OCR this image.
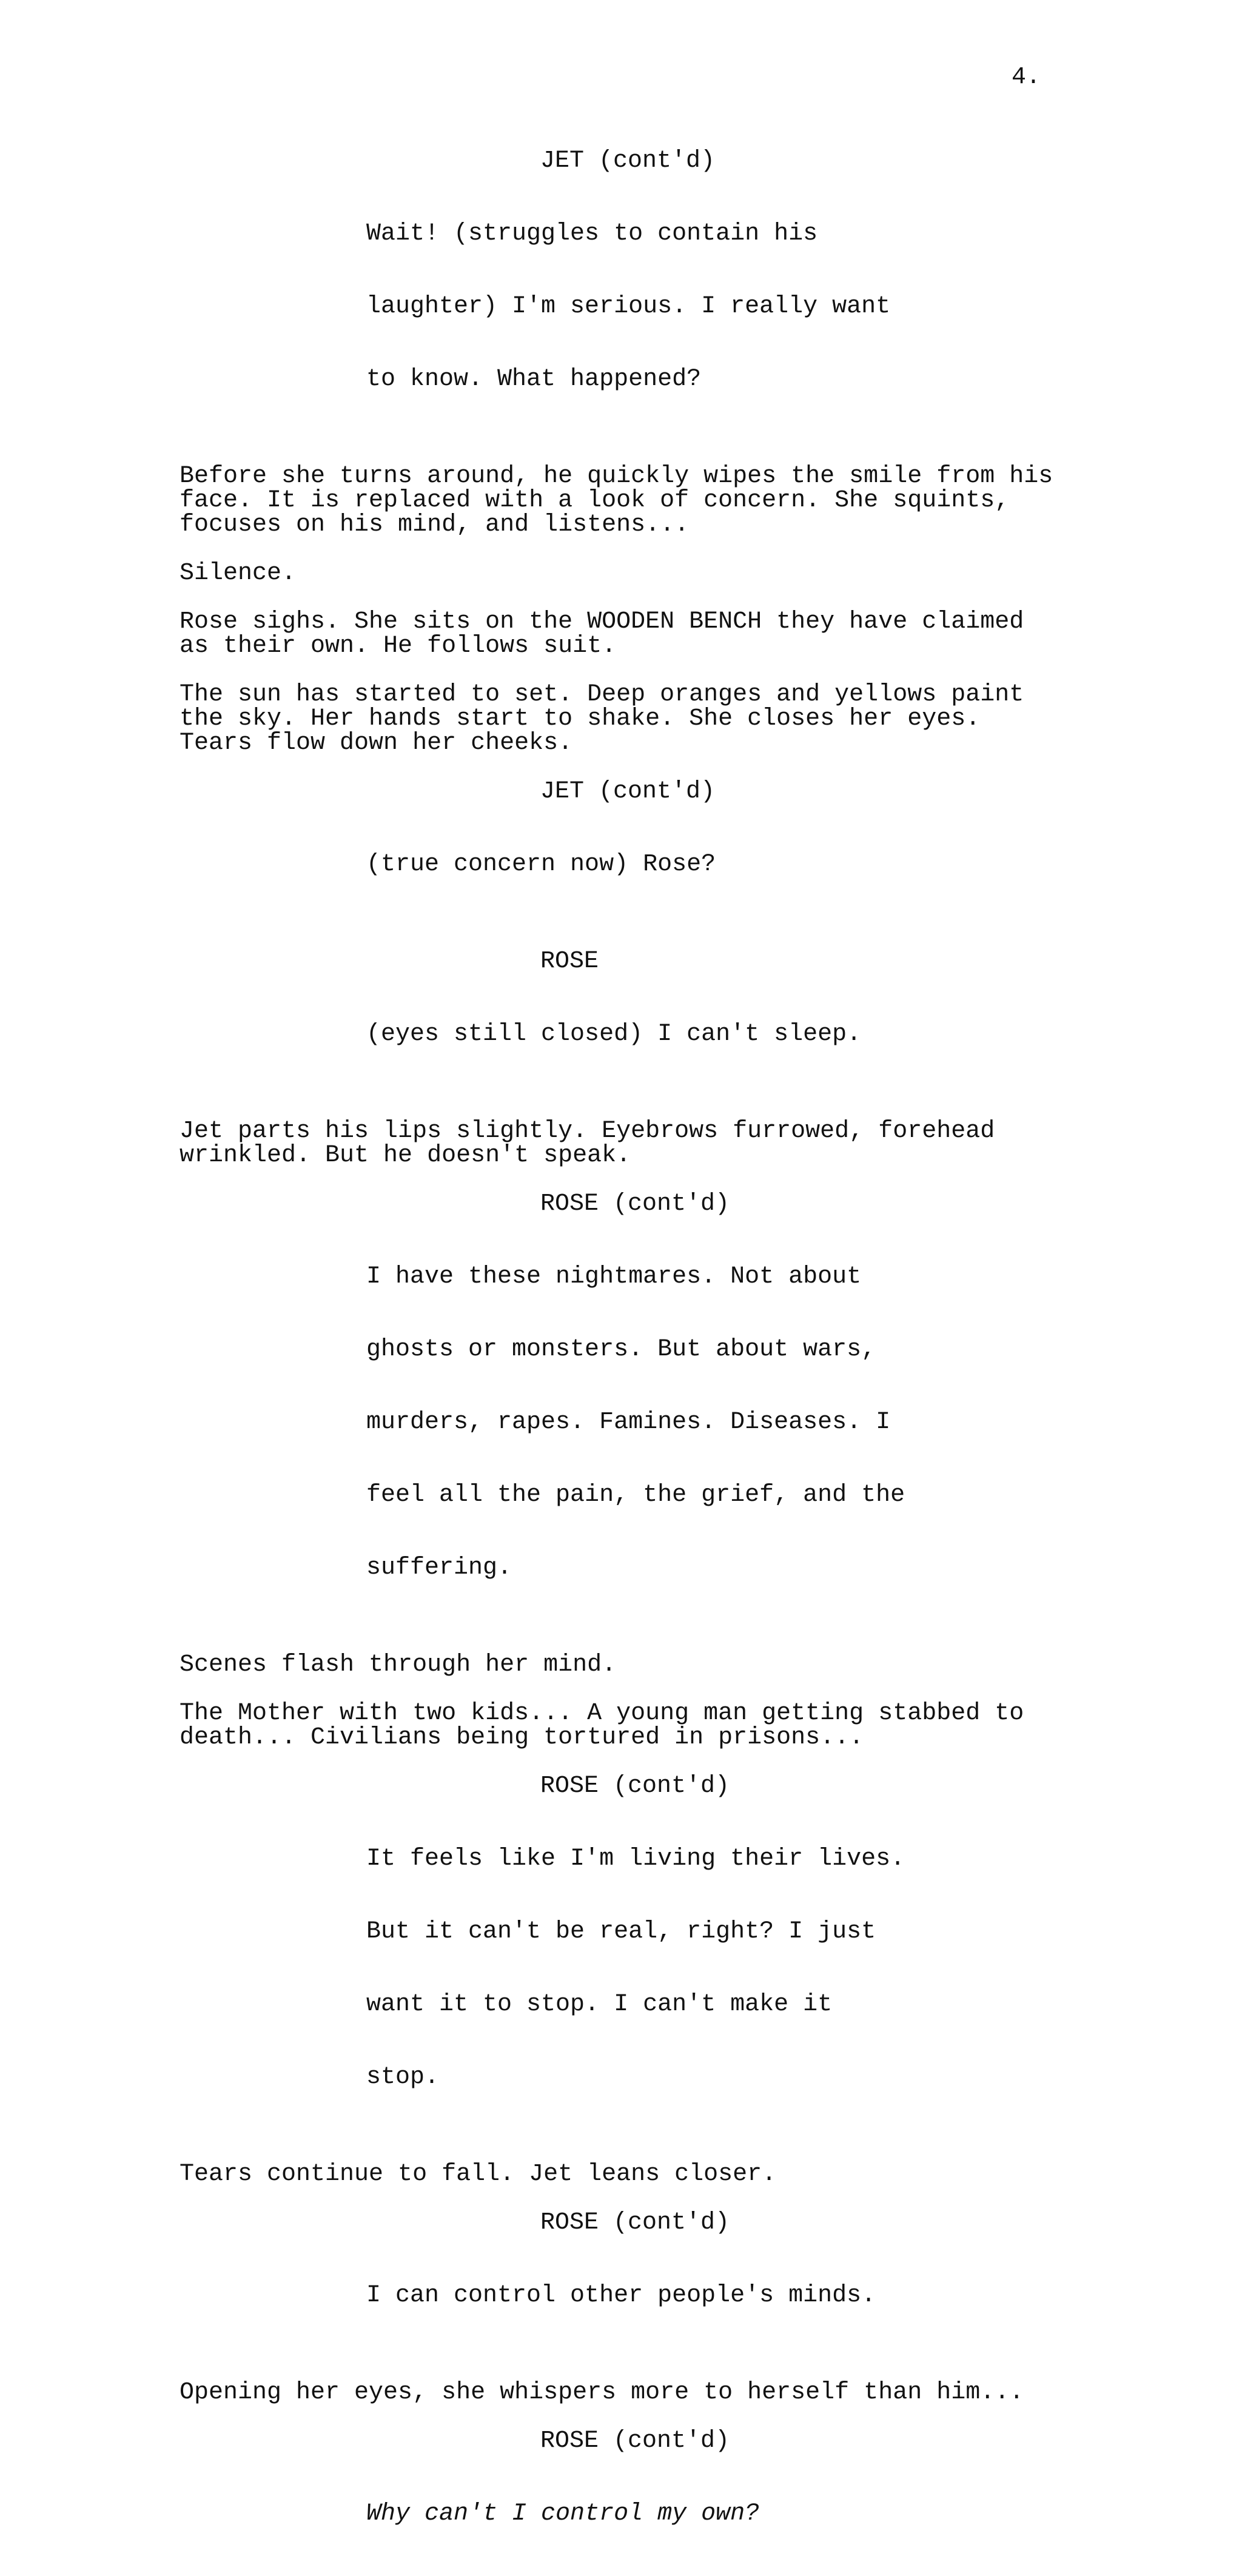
4.
JET (cont'd)

Wait! (struggles to contain his

laughter) I'm serious. I really want

to know. What happened?

Before she turns around, he quickly wipes the smile from his
face. It is replaced with a look of concern. She squints,
focuses on his mind, and listens...
Silence.
Rose sighs. She sits on the WOODEN BENCH they have claimed
as their own. He follows suit.
The sun has started to set. Deep oranges and yellows paint
the sky. Her hands start to shake. She closes her eyes.
Tears flow down her cheeks.
JET (cont'd)

(true concern now) Rose?

ROSE

(eyes still closed) I can't sleep.

Jet parts his lips slightly. Eyebrows furrowed, forehead
wrinkled. But he doesn't speak.
ROSE (cont'd)

I have these nightmares. Not about

ghosts or monsters. But about wars,

murders, rapes. Famines. Diseases. I

feel all the pain, the grief, and the

suffering.

Scenes flash through her mind.
The Mother with two kids... A young man getting stabbed to
death... Civilians being tortured in prisons...
ROSE (cont'd)

It feels like I'm living their lives.

But it can't be real, right? I just

want it to stop. I can't make it

stop.

Tears continue to fall. Jet leans closer.
ROSE (cont'd)

I can control other people's minds.

Opening her eyes, she whispers more to herself than him...
ROSE (cont'd)

Why can't I control my own?
